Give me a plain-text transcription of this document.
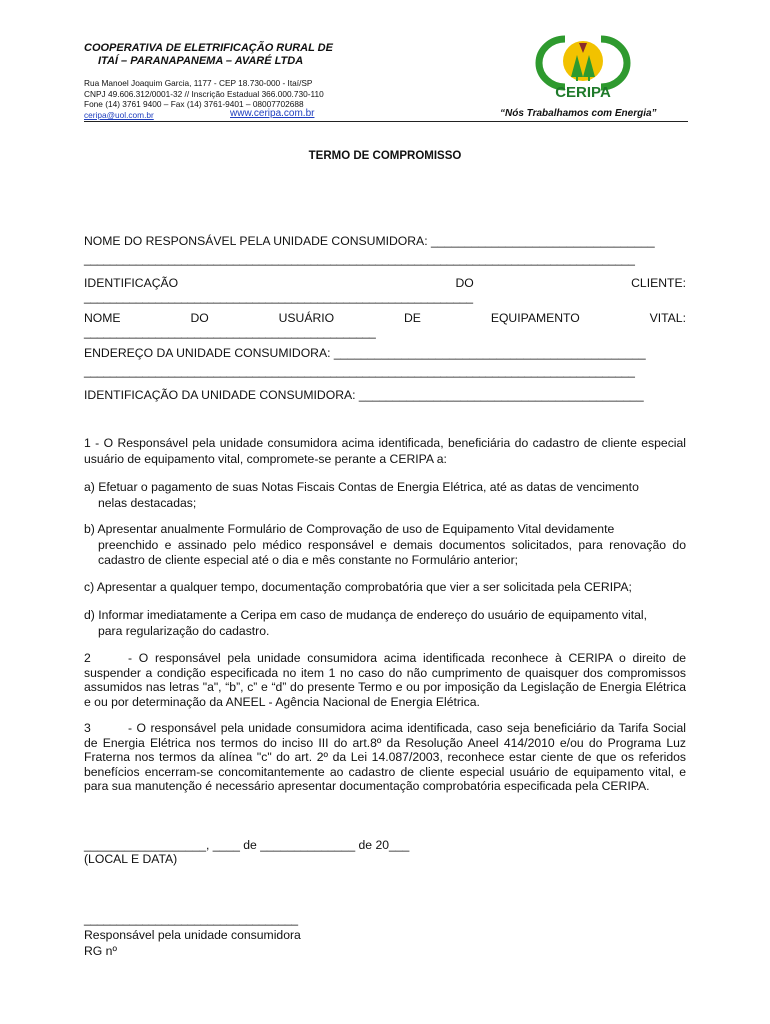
COOPERATIVA DE ELETRIFICAÇÃO RURAL DE
ITAÍ – PARANAPANEMA – AVARÉ LTDA
Rua Manoel Joaquim Garcia, 1177 - CEP 18.730-000 - Itaí/SP
CNPJ 49.606.312/0001-32 // Inscrição Estadual 366.000.730-110
Fone (14) 3761 9400 – Fax (14) 3761-9401 – 08007702688
ceripa@uol.com.br	www.ceripa.com.br	“Nós Trabalhamos com Energia”
CERIPA
TERMO DE COMPROMISSO
NOME DO RESPONSÁVEL PELA UNIDADE CONSUMIDORA: _________________________________
_____________________________________________________________________________________
IDENTIFICAÇÃO	DO	CLIENTE:
____________________________________________________________
NOME	DO	USUÁRIO	DE	EQUIPAMENTO	VITAL:
_____________________________________________
ENDEREÇO DA UNIDADE CONSUMIDORA: ______________________________________________
_____________________________________________________________________________________
IDENTIFICAÇÃO DA UNIDADE CONSUMIDORA: __________________________________________
1 - O Responsável pela unidade consumidora acima identificada, beneficiária do cadastro de cliente especial usuário de equipamento vital, compromete-se perante a CERIPA a:
a) Efetuar o pagamento de suas Notas Fiscais Contas de Energia Elétrica, até as datas de vencimento
nelas destacadas;
b) Apresentar anualmente Formulário de Comprovação de uso de Equipamento Vital devidamente
preenchido e assinado pelo médico responsável e demais documentos solicitados, para renovação do cadastro de cliente especial até o dia e mês constante no Formulário anterior;
c) Apresentar a qualquer tempo, documentação comprobatória que vier a ser solicitada pela CERIPA;
d) Informar imediatamente a Ceripa em caso de mudança de endereço do usuário de equipamento vital,
para regularização do cadastro.
2	- O responsável pela unidade consumidora acima identificada reconhece à CERIPA o direito de suspender a condição especificada no item 1 no caso do não cumprimento de quaisquer dos compromissos assumidos nas letras "a", “b”, c” e “d” do presente Termo e ou por imposição da Legislação de Energia Elétrica e ou por determinação da ANEEL - Agência Nacional de Energia Elétrica.
3	- O responsável pela unidade consumidora acima identificada, caso seja beneficiário da Tarifa Social de Energia Elétrica nos termos do inciso III do art.8º da Resolução Aneel 414/2010 e/ou do Programa Luz Fraterna nos termos da alínea "c" do art. 2º da Lei 14.087/2003, reconhece estar ciente de que os referidos benefícios encerram-se concomitantemente ao cadastro de cliente especial usuário de equipamento vital, e para sua manutenção é necessário apresentar documentação comprobatória especificada pela CERIPA.
__________________, ____ de ______________ de 20___
(LOCAL E DATA)
_________________________________
Responsável pela unidade consumidora
RG nº
